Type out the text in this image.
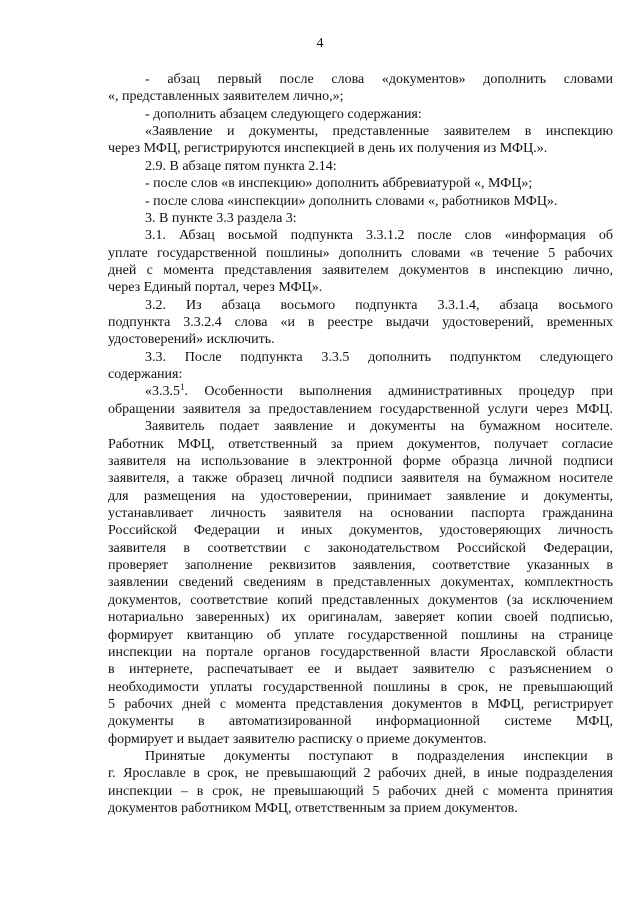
4
- абзац первый после слова «документов» дополнить словами
«, представленных заявителем лично,»;
- дополнить абзацем следующего содержания:
«Заявление и документы, представленные заявителем в инспекцию
через МФЦ, регистрируются инспекцией в день их получения из МФЦ.».
2.9. В абзаце пятом пункта 2.14:
- после слов «в инспекцию» дополнить аббревиатурой «, МФЦ»;
- после слова «инспекции» дополнить словами «, работников МФЦ».
3. В пункте 3.3 раздела 3:
3.1. Абзац восьмой подпункта 3.3.1.2 после слов «информация об
уплате государственной пошлины» дополнить словами «в течение 5 рабочих
дней с момента представления заявителем документов в инспекцию лично,
через Единый портал, через МФЦ».
3.2. Из абзаца восьмого подпункта 3.3.1.4, абзаца восьмого
подпункта 3.3.2.4 слова «и в реестре выдачи удостоверений, временных
удостоверений» исключить.
3.3. После подпункта 3.3.5 дополнить подпунктом следующего
содержания:
«3.3.5$^1$. Особенности выполнения административных процедур при
обращении заявителя за предоставлением государственной услуги через МФЦ.
Заявитель подает заявление и документы на бумажном носителе.
Работник МФЦ, ответственный за прием документов, получает согласие
заявителя на использование в электронной форме образца личной подписи
заявителя, а также образец личной подписи заявителя на бумажном носителе
для размещения на удостоверении, принимает заявление и документы,
устанавливает личность заявителя на основании паспорта гражданина
Российской Федерации и иных документов, удостоверяющих личность
заявителя в соответствии с законодательством Российской Федерации,
проверяет заполнение реквизитов заявления, соответствие указанных в
заявлении сведений сведениям в представленных документах, комплектность
документов, соответствие копий представленных документов (за исключением
нотариально заверенных) их оригиналам, заверяет копии своей подписью,
формирует квитанцию об уплате государственной пошлины на странице
инспекции на портале органов государственной власти Ярославской области
в интернете, распечатывает ее и выдает заявителю с разъяснением о
необходимости уплаты государственной пошлины в срок, не превышающий
5 рабочих дней с момента представления документов в МФЦ, регистрирует
документы в автоматизированной информационной системе МФЦ,
формирует и выдает заявителю расписку о приеме документов.
Принятые документы поступают в подразделения инспекции в
г. Ярославле в срок, не превышающий 2 рабочих дней, в иные подразделения
инспекции – в срок, не превышающий 5 рабочих дней с момента принятия
документов работником МФЦ, ответственным за прием документов.
